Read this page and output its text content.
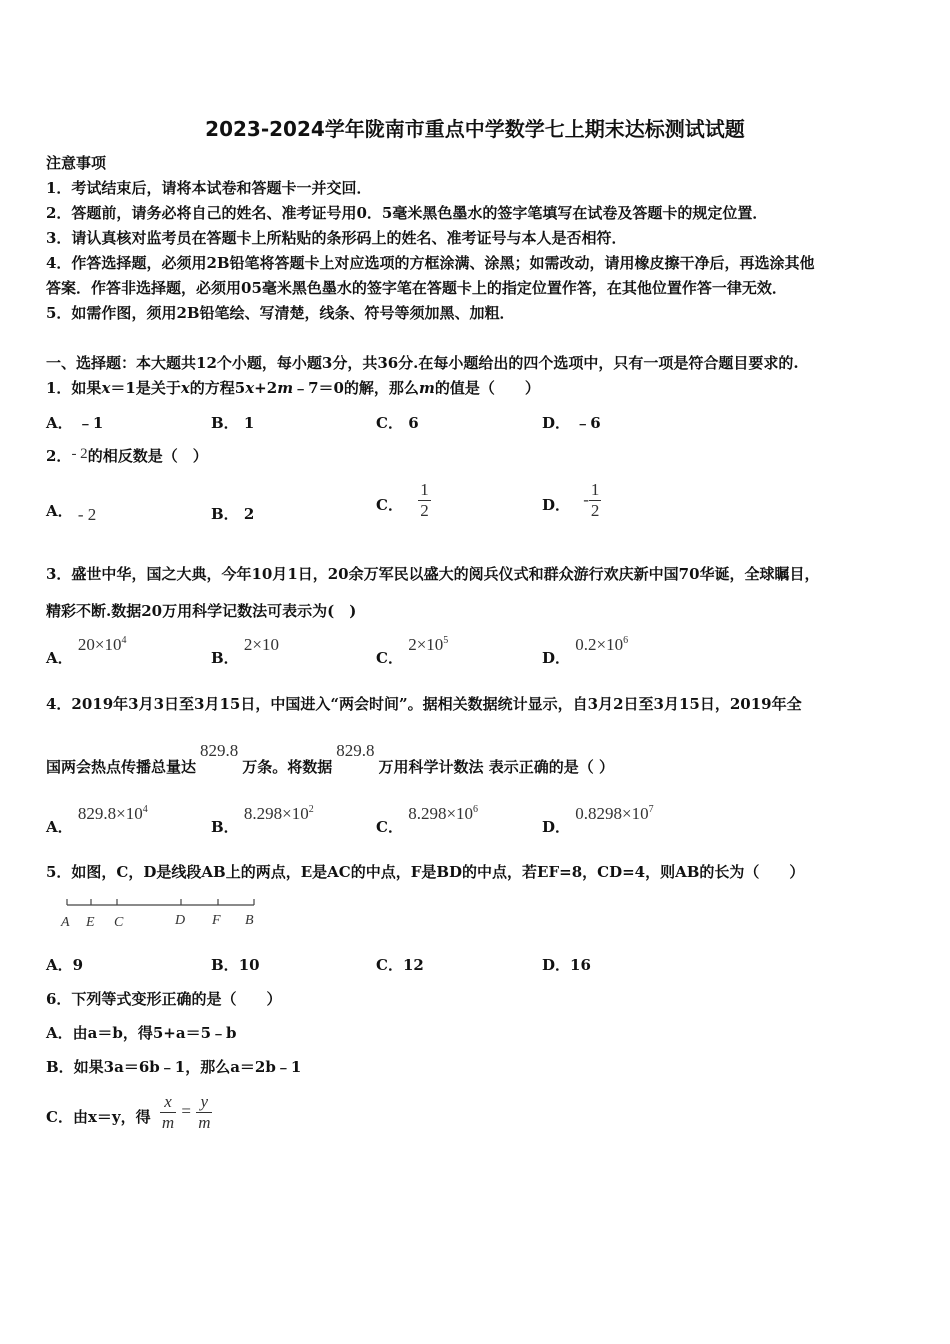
2023-2024学年陇南市重点中学数学七上期末达标测试试题
注意事项
1．考试结束后，请将本试卷和答题卡一并交回．
2．答题前，请务必将自己的姓名、准考证号用0．5毫米黑色墨水的签字笔填写在试卷及答题卡的规定位置．
3．请认真核对监考员在答题卡上所粘贴的条形码上的姓名、准考证号与本人是否相符．
4．作答选择题，必须用2B铅笔将答题卡上对应选项的方框涂满、涂黑；如需改动，请用橡皮擦干净后，再选涂其他
答案．作答非选择题，必须用05毫米黑色墨水的签字笔在答题卡上的指定位置作答，在其他位置作答一律无效．
5．如需作图，须用2B铅笔绘、写清楚，线条、符号等须加黑、加粗．
一、选择题：本大题共12个小题，每小题3分，共36分.在每小题给出的四个选项中，只有一项是符合题目要求的.
1．如果x＝1是关于x的方程5x+2m﹣7＝0的解，那么m的值是（　　）
A． ﹣1	B． 1	C． 6	D． ﹣6
2．- 2的相反数是（　）
A． - 2	B． 2
C． $\frac{1}{2}$	D． - $\frac{1}{2}$
3．盛世中华，国之大典，今年10月1日，20余万军民以盛大的阅兵仪式和群众游行欢庆新中国70华诞，全球瞩目，
精彩不断.数据20万用科学记数法可表示为(　)
A． $20\times 10^4$
B． 2×10
C． $2\times 10^5$
D． $0.2\times 10^6$
4．2019年3月3日至3月15日，中国进入“两会时间”。据相关数据统计显示，自3月2日至3月15日，2019年全
国两会热点传播总量达829.8万条。将数据829.8万用科学计数法 表示正确的是（ ）
A． $829.8\times 10^4$
B． $8.298\times 10^2$
C． $8.298\times 10^6$
D． $0.8298\times 10^7$
5．如图，C，D是线段AB上的两点，E是AC的中点，F是BD的中点，若EF=8，CD=4，则AB的长为（　　）
A E C	D F B
A．9	B．10	C．12	D．16
6．下列等式变形正确的是（　　）
A．由a＝b，得5+a＝5﹣b
B．如果3a＝6b﹣1，那么a＝2b﹣1
C．由x＝y，得 $\frac{x}{m} = \frac{y}{m}$
